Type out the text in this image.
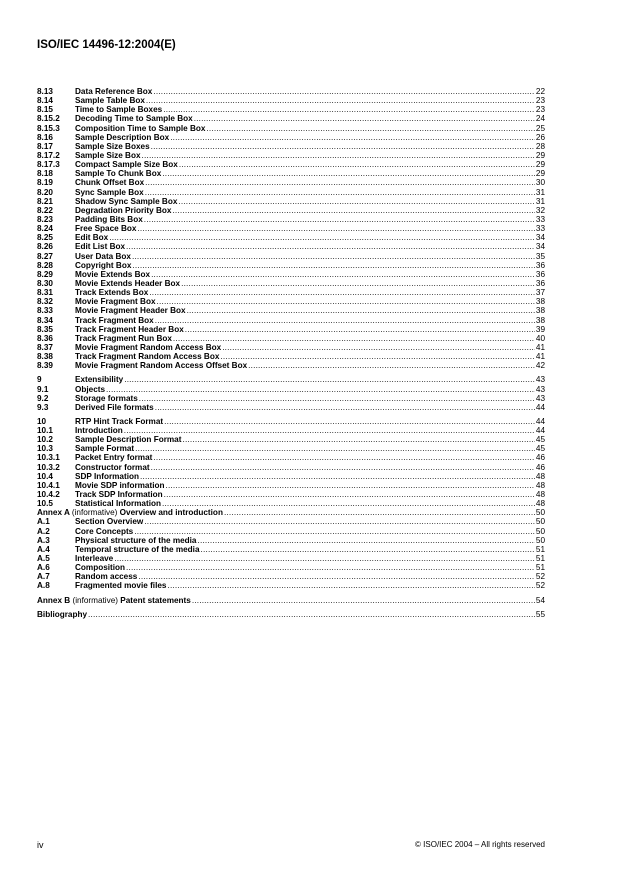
ISO/IEC 14496-12:2004(E)
8.13	Data Reference Box .....	22
8.14	Sample Table Box .....	23
8.15	Time to Sample Boxes .....	23
8.15.2	Decoding Time to Sample Box .....	24
8.15.3	Composition Time to Sample Box .....	25
8.16	Sample Description Box .....	26
8.17	Sample Size Boxes .....	28
8.17.2	Sample Size Box .....	29
8.17.3	Compact Sample Size Box .....	29
8.18	Sample To Chunk Box .....	29
8.19	Chunk Offset Box .....	30
8.20	Sync Sample Box .....	31
8.21	Shadow Sync Sample Box .....	31
8.22	Degradation Priority Box .....	32
8.23	Padding Bits Box .....	33
8.24	Free Space Box .....	33
8.25	Edit Box .....	34
8.26	Edit List Box .....	34
8.27	User Data Box .....	35
8.28	Copyright Box .....	36
8.29	Movie Extends Box .....	36
8.30	Movie Extends Header Box .....	36
8.31	Track Extends Box .....	37
8.32	Movie Fragment Box .....	38
8.33	Movie Fragment Header Box .....	38
8.34	Track Fragment Box .....	38
8.35	Track Fragment Header Box .....	39
8.36	Track Fragment Run Box .....	40
8.37	Movie Fragment Random Access Box .....	41
8.38	Track Fragment Random Access Box .....	41
8.39	Movie Fragment Random Access Offset Box .....	42
9	Extensibility .....	43
9.1	Objects .....	43
9.2	Storage formats .....	43
9.3	Derived File formats .....	44
10	RTP Hint Track Format .....	44
10.1	Introduction .....	44
10.2	Sample Description Format .....	45
10.3	Sample Format .....	45
10.3.1	Packet Entry format .....	46
10.3.2	Constructor format .....	46
10.4	SDP Information .....	48
10.4.1	Movie SDP information .....	48
10.4.2	Track SDP Information .....	48
10.5	Statistical Information .....	48
Annex A (informative) Overview and introduction .....	50
A.1	Section Overview .....	50
A.2	Core Concepts .....	50
A.3	Physical structure of the media .....	50
A.4	Temporal structure of the media .....	51
A.5	Interleave .....	51
A.6	Composition .....	51
A.7	Random access .....	52
A.8	Fragmented movie files .....	52
Annex B (informative) Patent statements .....	54
Bibliography .....	55
iv	© ISO/IEC 2004 – All rights reserved
